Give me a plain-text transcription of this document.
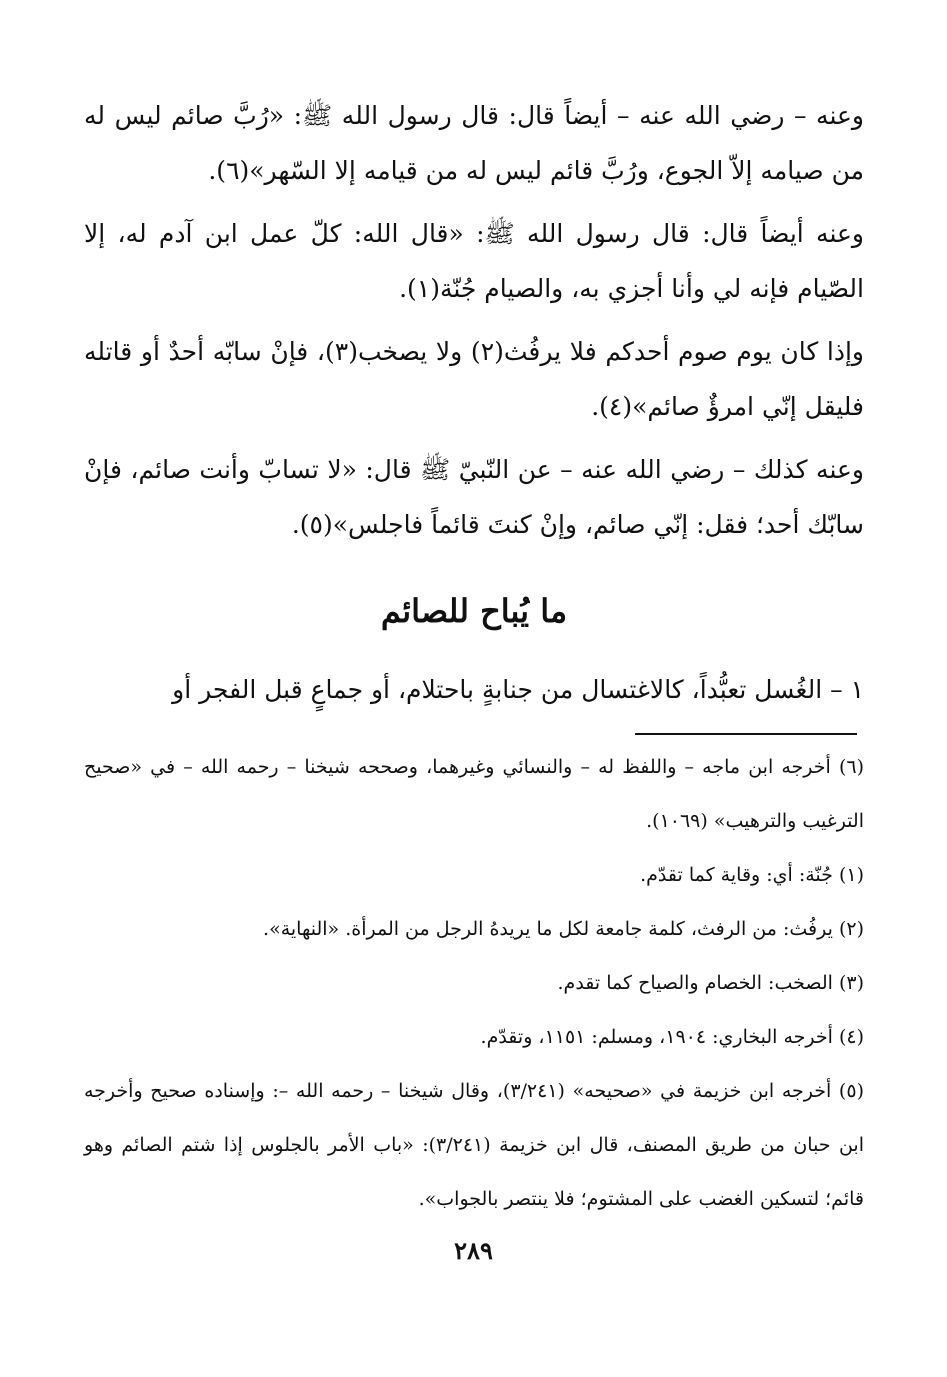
وعنه – رضي الله عنه – أيضاً قال: قال رسول الله ﷺ: «رُبَّ صائم ليس له من صيامه إلاّ الجوع، ورُبَّ قائم ليس له من قيامه إلا السّهر»(٦).

وعنه أيضاً قال: قال رسول الله ﷺ: «قال الله: كلّ عمل ابن آدم له، إلا الصّيام فإنه لي وأنا أجزي به، والصيام جُنّة(١).

وإذا كان يوم صوم أحدكم فلا يرفُث(٢) ولا يصخب(٣)، فإنْ سابّه أحدٌ أو قاتله فليقل إنّي امرؤٌ صائم»(٤).

وعنه كذلك – رضي الله عنه – عن النّبيّ ﷺ قال: «لا تسابّ وأنت صائم، فإنْ سابّك أحد؛ فقل: إنّي صائم، وإنْ كنتَ قائماً فاجلس»(٥).

ما يُباح للصائم

١ – الغُسل تعبُّداً، كالاغتسال من جنابةٍ باحتلام، أو جماعٍ قبل الفجر أو

(٦) أخرجه ابن ماجه – واللفظ له – والنسائي وغيرهما، وصححه شيخنا – رحمه الله – في «صحيح الترغيب والترهيب» (١٠٦٩).

(١) جُنّة: أي: وقاية كما تقدّم.

(٢) يرفُث: من الرفث، كلمة جامعة لكل ما يريدهُ الرجل من المرأة. «النهاية».

(٣) الصخب: الخصام والصياح كما تقدم.

(٤) أخرجه البخاري: ١٩٠٤، ومسلم: ١١٥١، وتقدّم.

(٥) أخرجه ابن خزيمة في «صحيحه» (٣/٢٤١)، وقال شيخنا – رحمه الله –: وإسناده صحيح وأخرجه ابن حبان من طريق المصنف، قال ابن خزيمة (٣/٢٤١): «باب الأمر بالجلوس إذا شتم الصائم وهو قائم؛ لتسكين الغضب على المشتوم؛ فلا ينتصر بالجواب».

٢٨٩
